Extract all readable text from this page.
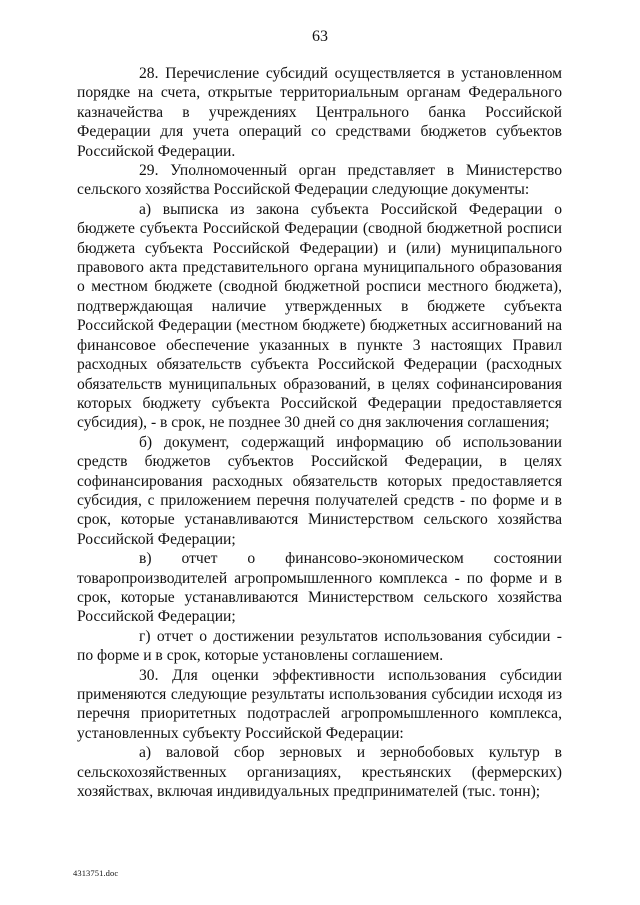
63

28. Перечисление субсидий осуществляется в установленном порядке на счета, открытые территориальным органам Федерального казначейства в учреждениях Центрального банка Российской Федерации для учета операций со средствами бюджетов субъектов Российской Федерации.

29. Уполномоченный орган представляет в Министерство сельского хозяйства Российской Федерации следующие документы:

а) выписка из закона субъекта Российской Федерации о бюджете субъекта Российской Федерации (сводной бюджетной росписи бюджета субъекта Российской Федерации) и (или) муниципального правового акта представительного органа муниципального образования о местном бюджете (сводной бюджетной росписи местного бюджета), подтверждающая наличие утвержденных в бюджете субъекта Российской Федерации (местном бюджете) бюджетных ассигнований на финансовое обеспечение указанных в пункте 3 настоящих Правил расходных обязательств субъекта Российской Федерации (расходных обязательств муниципальных образований, в целях софинансирования которых бюджету субъекта Российской Федерации предоставляется субсидия), - в срок, не позднее 30 дней со дня заключения соглашения;

б) документ, содержащий информацию об использовании средств бюджетов субъектов Российской Федерации, в целях софинансирования расходных обязательств которых предоставляется субсидия, с приложением перечня получателей средств - по форме и в срок, которые устанавливаются Министерством сельского хозяйства Российской Федерации;

в) отчет о финансово-экономическом состоянии товаропроизводителей агропромышленного комплекса - по форме и в срок, которые устанавливаются Министерством сельского хозяйства Российской Федерации;

г) отчет о достижении результатов использования субсидии - по форме и в срок, которые установлены соглашением.

30. Для оценки эффективности использования субсидии применяются следующие результаты использования субсидии исходя из перечня приоритетных подотраслей агропромышленного комплекса, установленных субъекту Российской Федерации:

а) валовой сбор зерновых и зернобобовых культур в сельскохозяйственных организациях, крестьянских (фермерских) хозяйствах, включая индивидуальных предпринимателей (тыс. тонн);

4313751.doc
